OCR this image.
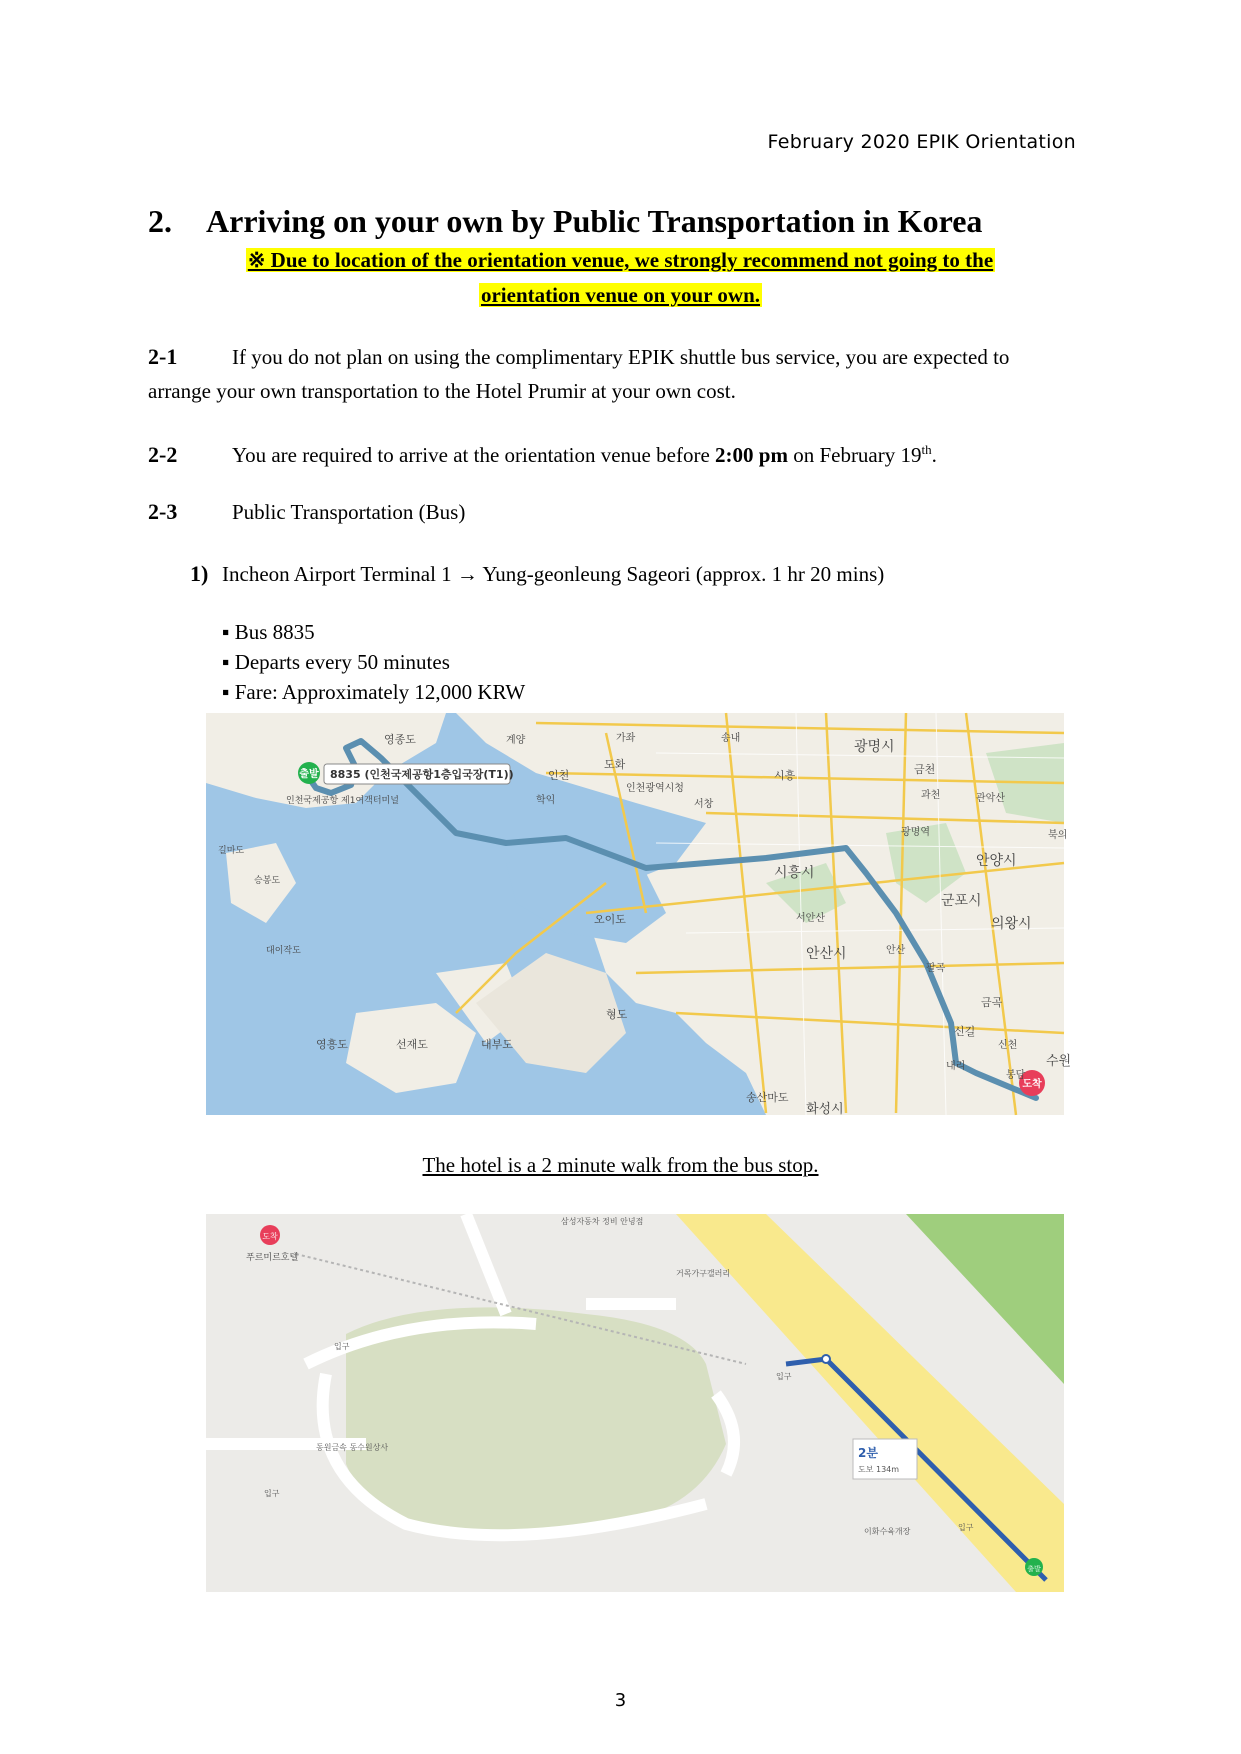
February 2020 EPIK Orientation
2. Arriving on your own by Public Transportation in Korea
※ Due to location of the orientation venue, we strongly recommend not going to the
orientation venue on your own.
2-1	If you do not plan on using the complimentary EPIK shuttle bus service, you are expected to
arrange your own transportation to the Hotel Prumir at your own cost.
2-2	You are required to arrive at the orientation venue before 2:00 pm on February 19th.
2-3	Public Transportation (Bus)
1) Incheon Airport Terminal 1 → Yung-geonleung Sageori (approx. 1 hr 20 mins)
▪ Bus 8835
▪ Departs every 50 minutes
▪ Fare: Approximately 12,000 KRW
출발 8835 (인천국제공항1층입국장(T1))
도착
영종도
인천국제공항 제1여객터미널
인천
도화
인천광역시청
시흥
광명시
금천
관악산
안양시
시흥시
군포시
의왕시
오이도
안산시
대부도
영흥도	선재도
형도
화성시
송산마도
수원
금곡
봉담
신길
안산
서안산
길마도
승봉도
대이작도
신천
학익	서창
가좌	송내
계양
과천
북의
광명역
팔곡
내리
The hotel is a 2 minute walk from the bus stop.
도착
푸르미르호텔
출발
2분
도보 134m
삼성자동차 정비 안녕점
거목가구갤러리
동원금속 동수원상사
이화수육개장
입구
입구
입구
입구
3
